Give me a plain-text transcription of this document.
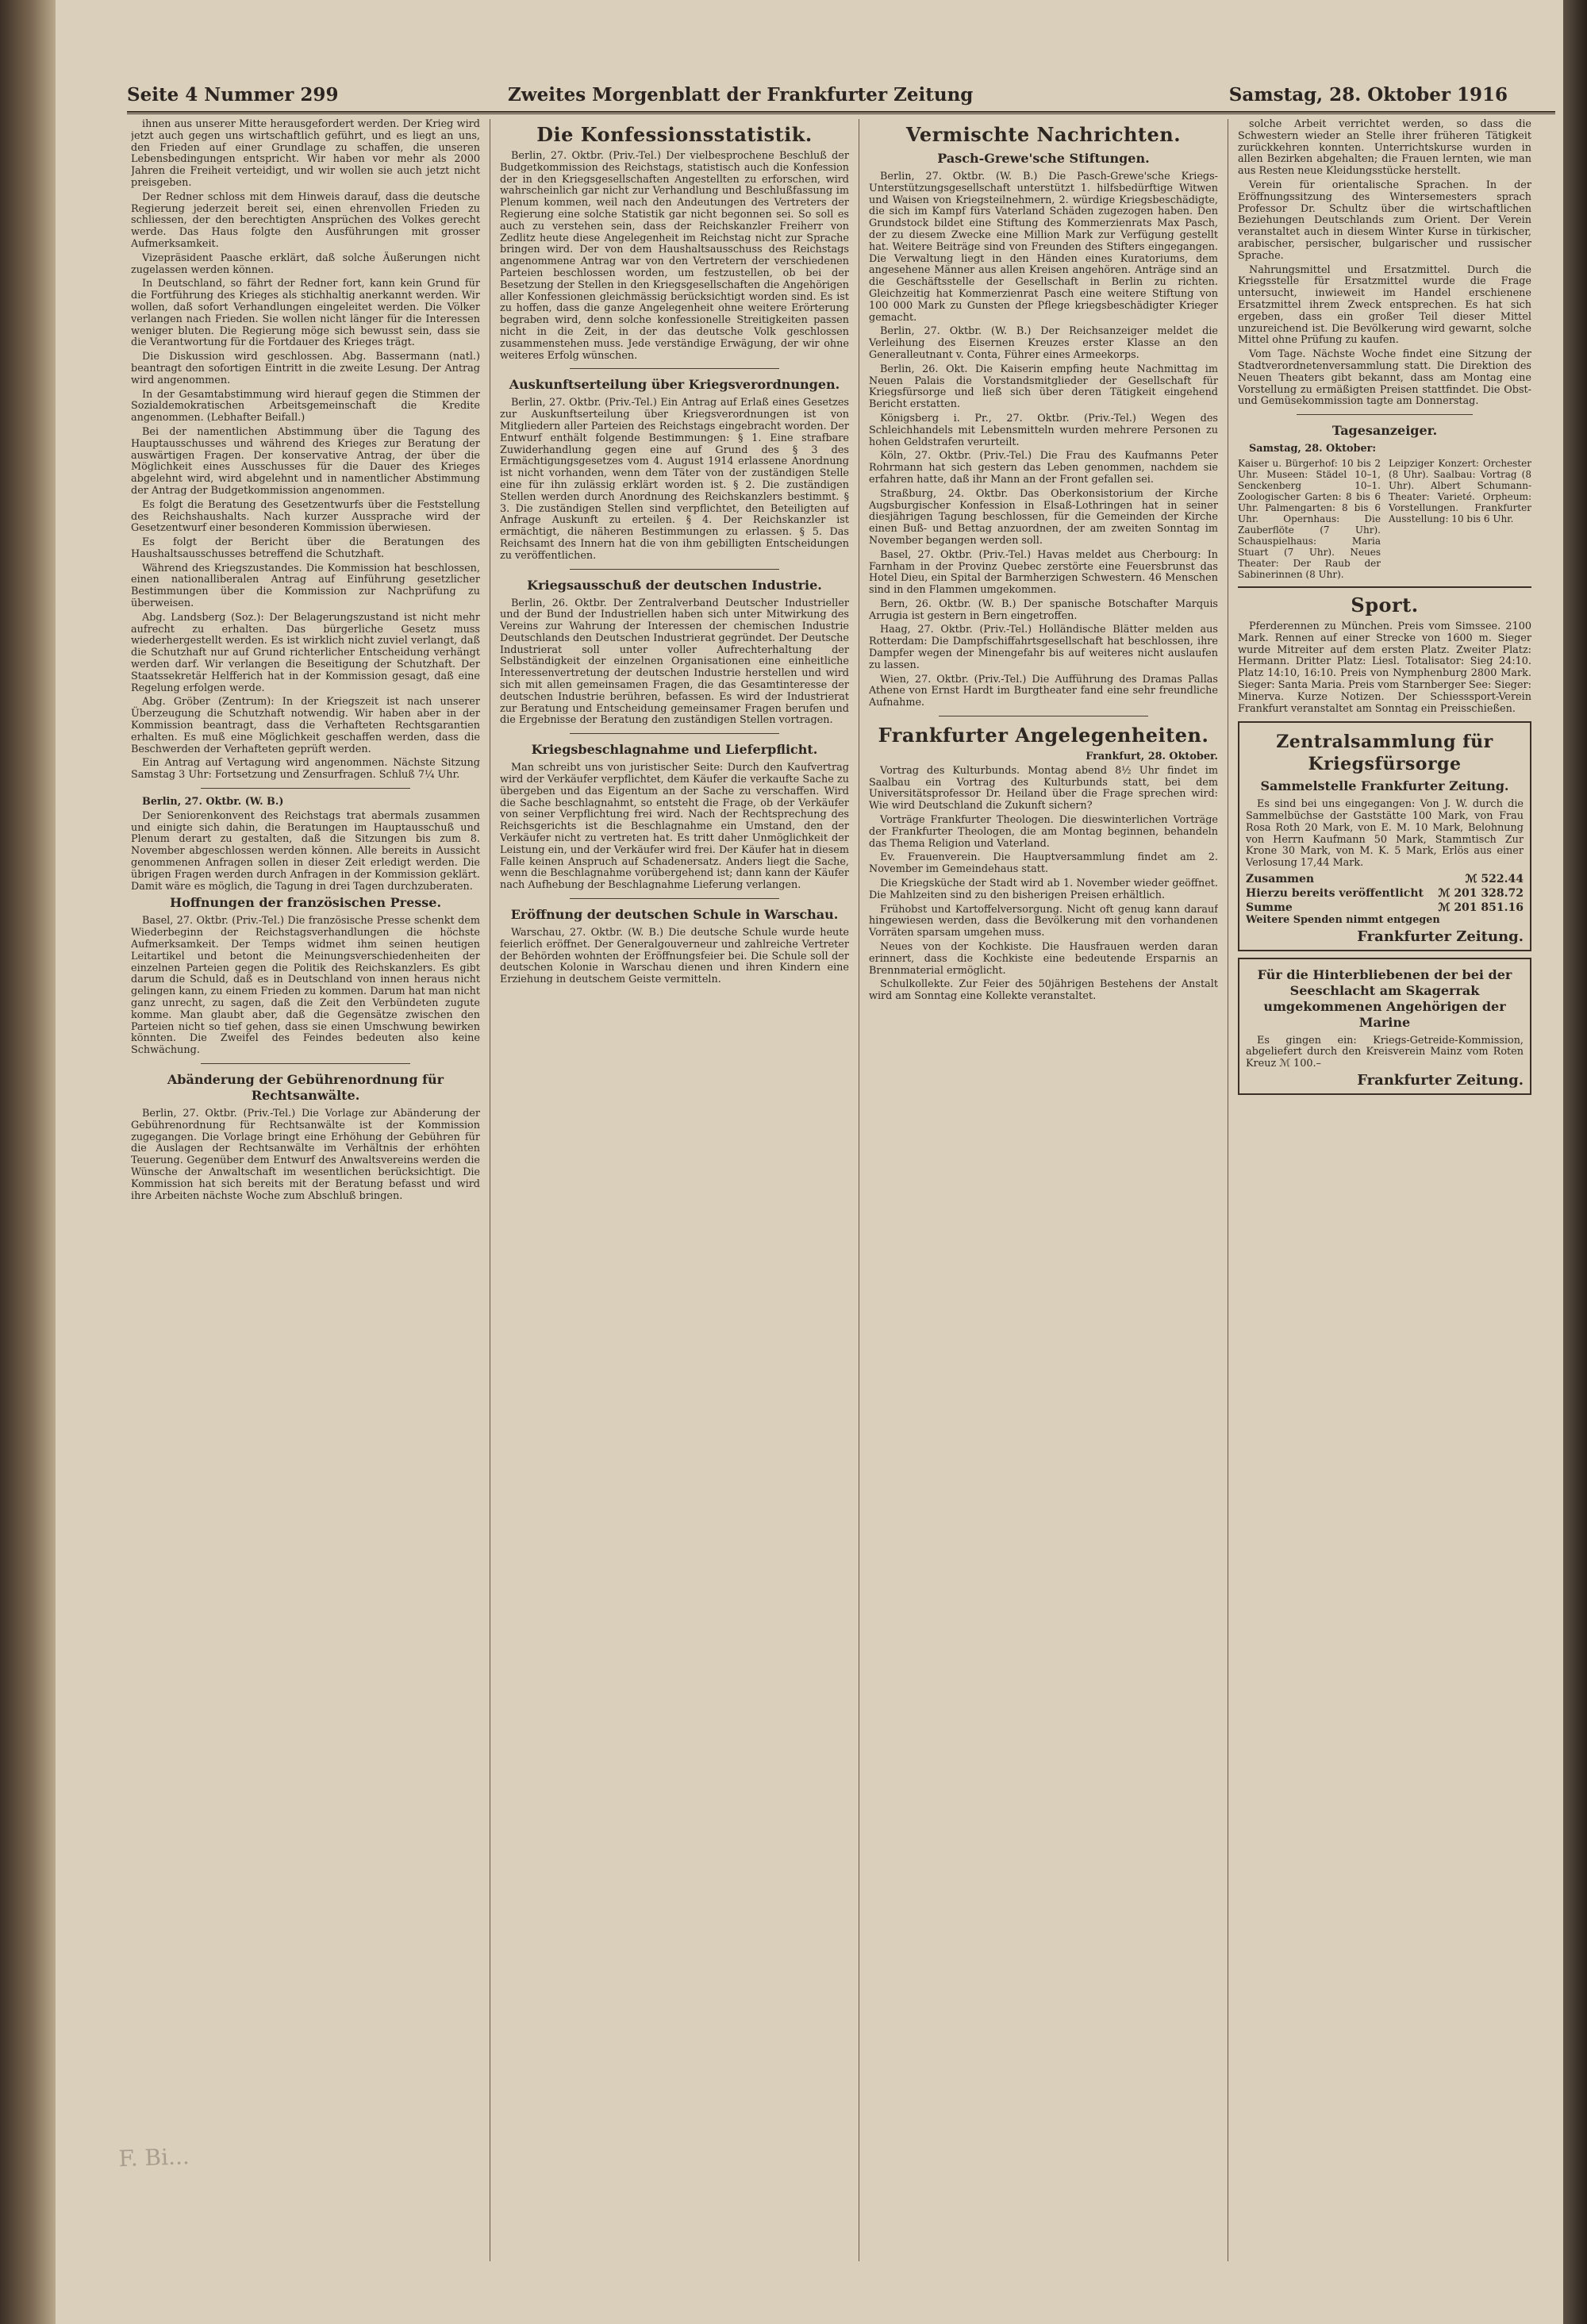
Seite 4 Nummer 299	Zweites Morgenblatt der Frankfurter Zeitung	Samstag, 28. Oktober 1916

ihnen aus unserer Mitte herausgefordert werden. Der Krieg wird jetzt auch gegen uns wirtschaftlich geführt, und es liegt an uns, den Frieden auf einer Grundlage zu schaffen, die unseren Lebensbedingungen entspricht. Wir haben vor mehr als 2000 Jahren die Freiheit verteidigt, und wir wollen sie auch jetzt nicht preisgeben.

Der Redner schloss mit dem Hinweis darauf, dass die deutsche Regierung jederzeit bereit sei, einen ehrenvollen Frieden zu schliessen, der den berechtigten Ansprüchen des Volkes gerecht werde. Das Haus folgte den Ausführungen mit grosser Aufmerksamkeit.

Vizepräsident Paasche erklärt, daß solche Äußerungen nicht zugelassen werden können.

In Deutschland, so fährt der Redner fort, kann kein Grund für die Fortführung des Krieges als stichhaltig anerkannt werden. Wir wollen, daß sofort Verhandlungen eingeleitet werden. Die Völker verlangen nach Frieden. Sie wollen nicht länger für die Interessen weniger bluten. Die Regierung möge sich bewusst sein, dass sie die Verantwortung für die Fortdauer des Krieges trägt.

Die Diskussion wird geschlossen. Abg. Bassermann (natl.) beantragt den sofortigen Eintritt in die zweite Lesung. Der Antrag wird angenommen.

In der Gesamtabstimmung wird hierauf gegen die Stimmen der Sozialdemokratischen Arbeitsgemeinschaft die Kredite angenommen. (Lebhafter Beifall.)

Bei der namentlichen Abstimmung über die Tagung des Hauptausschusses und während des Krieges zur Beratung der auswärtigen Fragen. Der konservative Antrag, der über die Möglichkeit eines Ausschusses für die Dauer des Krieges abgelehnt wird, wird abgelehnt und in namentlicher Abstimmung der Antrag der Budgetkommission angenommen.

Es folgt die Beratung des Gesetzentwurfs über die Feststellung des Reichshaushalts. Nach kurzer Aussprache wird der Gesetzentwurf einer besonderen Kommission überwiesen.

Es folgt der Bericht über die Beratungen des Haushaltsausschusses betreffend die Schutzhaft.

Während des Kriegszustandes. Die Kommission hat beschlossen, einen nationalliberalen Antrag auf Einführung gesetzlicher Bestimmungen über die Kommission zur Nachprüfung zu überweisen.

Abg. Landsberg (Soz.): Der Belagerungszustand ist nicht mehr aufrecht zu erhalten. Das bürgerliche Gesetz muss wiederhergestellt werden. Es ist wirklich nicht zuviel verlangt, daß die Schutzhaft nur auf Grund richterlicher Entscheidung verhängt werden darf. Wir verlangen die Beseitigung der Schutzhaft. Der Staatssekretär Helfferich hat in der Kommission gesagt, daß eine Regelung erfolgen werde.

Abg. Gröber (Zentrum): In der Kriegszeit ist nach unserer Überzeugung die Schutzhaft notwendig. Wir haben aber in der Kommission beantragt, dass die Verhafteten Rechtsgarantien erhalten. Es muß eine Möglichkeit geschaffen werden, dass die Beschwerden der Verhafteten geprüft werden.

Ein Antrag auf Vertagung wird angenommen. Nächste Sitzung Samstag 3 Uhr: Fortsetzung und Zensurfragen. Schluß 7¼ Uhr.

Berlin, 27. Oktbr. (W. B.)

Der Seniorenkonvent des Reichstags trat abermals zusammen und einigte sich dahin, die Beratungen im Hauptausschuß und Plenum derart zu gestalten, daß die Sitzungen bis zum 8. November abgeschlossen werden können. Alle bereits in Aussicht genommenen Anfragen sollen in dieser Zeit erledigt werden. Die übrigen Fragen werden durch Anfragen in der Kommission geklärt. Damit wäre es möglich, die Tagung in drei Tagen durchzuberaten.

Hoffnungen der französischen Presse.

Basel, 27. Oktbr. (Priv.-Tel.) Die französische Presse schenkt dem Wiederbeginn der Reichstagsverhandlungen die höchste Aufmerksamkeit. Der Temps widmet ihm seinen heutigen Leitartikel und betont die Meinungsverschiedenheiten der einzelnen Parteien gegen die Politik des Reichskanzlers. Es gibt darum die Schuld, daß es in Deutschland von innen heraus nicht gelingen kann, zu einem Frieden zu kommen. Darum hat man nicht ganz unrecht, zu sagen, daß die Zeit den Verbündeten zugute komme. Man glaubt aber, daß die Gegensätze zwischen den Parteien nicht so tief gehen, dass sie einen Umschwung bewirken könnten. Die Zweifel des Feindes bedeuten also keine Schwächung.

Abänderung der Gebührenordnung für Rechtsanwälte.

Berlin, 27. Oktbr. (Priv.-Tel.) Die Vorlage zur Abänderung der Gebührenordnung für Rechtsanwälte ist der Kommission zugegangen. Die Vorlage bringt eine Erhöhung der Gebühren für die Auslagen der Rechtsanwälte im Verhältnis der erhöhten Teuerung. Gegenüber dem Entwurf des Anwaltsvereins werden die Wünsche der Anwaltschaft im wesentlichen berücksichtigt. Die Kommission hat sich bereits mit der Beratung befasst und wird ihre Arbeiten nächste Woche zum Abschluß bringen.

Die Konfessionsstatistik.

Berlin, 27. Oktbr. (Priv.-Tel.) Der vielbesprochene Beschluß der Budgetkommission des Reichstags, statistisch auch die Konfession der in den Kriegsgesellschaften Angestellten zu erforschen, wird wahrscheinlich gar nicht zur Verhandlung und Beschlußfassung im Plenum kommen, weil nach den Andeutungen des Vertreters der Regierung eine solche Statistik gar nicht begonnen sei. So soll es auch zu verstehen sein, dass der Reichskanzler Freiherr von Zedlitz heute diese Angelegenheit im Reichstag nicht zur Sprache bringen wird. Der von dem Haushaltsausschuss des Reichstags angenommene Antrag war von den Vertretern der verschiedenen Parteien beschlossen worden, um festzustellen, ob bei der Besetzung der Stellen in den Kriegsgesellschaften die Angehörigen aller Konfessionen gleichmässig berücksichtigt worden sind. Es ist zu hoffen, dass die ganze Angelegenheit ohne weitere Erörterung begraben wird, denn solche konfessionelle Streitigkeiten passen nicht in die Zeit, in der das deutsche Volk geschlossen zusammenstehen muss. Jede verständige Erwägung, der wir ohne weiteres Erfolg wünschen.

Auskunftserteilung über Kriegsverordnungen.

Berlin, 27. Oktbr. (Priv.-Tel.) Ein Antrag auf Erlaß eines Gesetzes zur Auskunftserteilung über Kriegsverordnungen ist von Mitgliedern aller Parteien des Reichstags eingebracht worden. Der Entwurf enthält folgende Bestimmungen: § 1. Eine strafbare Zuwiderhandlung gegen eine auf Grund des § 3 des Ermächtigungsgesetzes vom 4. August 1914 erlassene Anordnung ist nicht vorhanden, wenn dem Täter von der zuständigen Stelle eine für ihn zulässig erklärt worden ist. § 2. Die zuständigen Stellen werden durch Anordnung des Reichskanzlers bestimmt. § 3. Die zuständigen Stellen sind verpflichtet, den Beteiligten auf Anfrage Auskunft zu erteilen. § 4. Der Reichskanzler ist ermächtigt, die näheren Bestimmungen zu erlassen. § 5. Das Reichsamt des Innern hat die von ihm gebilligten Entscheidungen zu veröffentlichen.

Kriegsausschuß der deutschen Industrie.

Berlin, 26. Oktbr. Der Zentralverband Deutscher Industrieller und der Bund der Industriellen haben sich unter Mitwirkung des Vereins zur Wahrung der Interessen der chemischen Industrie Deutschlands den Deutschen Industrierat gegründet. Der Deutsche Industrierat soll unter voller Aufrechterhaltung der Selbständigkeit der einzelnen Organisationen eine einheitliche Interessenvertretung der deutschen Industrie herstellen und wird sich mit allen gemeinsamen Fragen, die das Gesamtinteresse der deutschen Industrie berühren, befassen. Es wird der Industrierat zur Beratung und Entscheidung gemeinsamer Fragen berufen und die Ergebnisse der Beratung den zuständigen Stellen vortragen.

Kriegsbeschlagnahme und Lieferpflicht.

Man schreibt uns von juristischer Seite: Durch den Kaufvertrag wird der Verkäufer verpflichtet, dem Käufer die verkaufte Sache zu übergeben und das Eigentum an der Sache zu verschaffen. Wird die Sache beschlagnahmt, so entsteht die Frage, ob der Verkäufer von seiner Verpflichtung frei wird. Nach der Rechtsprechung des Reichsgerichts ist die Beschlagnahme ein Umstand, den der Verkäufer nicht zu vertreten hat. Es tritt daher Unmöglichkeit der Leistung ein, und der Verkäufer wird frei. Der Käufer hat in diesem Falle keinen Anspruch auf Schadenersatz. Anders liegt die Sache, wenn die Beschlagnahme vorübergehend ist; dann kann der Käufer nach Aufhebung der Beschlagnahme Lieferung verlangen.

Eröffnung der deutschen Schule in Warschau.

Warschau, 27. Oktbr. (W. B.) Die deutsche Schule wurde heute feierlich eröffnet. Der Generalgouverneur und zahlreiche Vertreter der Behörden wohnten der Eröffnungsfeier bei. Die Schule soll der deutschen Kolonie in Warschau dienen und ihren Kindern eine Erziehung in deutschem Geiste vermitteln.

Vermischte Nachrichten.
Pasch-Grewe'sche Stiftungen.

Berlin, 27. Oktbr. (W. B.) Die Pasch-Grewe'sche Kriegs-Unterstützungsgesellschaft unterstützt 1. hilfsbedürftige Witwen und Waisen von Kriegsteilnehmern, 2. würdige Kriegsbeschädigte, die sich im Kampf fürs Vaterland Schäden zugezogen haben. Den Grundstock bildet eine Stiftung des Kommerzienrats Max Pasch, der zu diesem Zwecke eine Million Mark zur Verfügung gestellt hat. Weitere Beiträge sind von Freunden des Stifters eingegangen. Die Verwaltung liegt in den Händen eines Kuratoriums, dem angesehene Männer aus allen Kreisen angehören. Anträge sind an die Geschäftsstelle der Gesellschaft in Berlin zu richten. Gleichzeitig hat Kommerzienrat Pasch eine weitere Stiftung von 100 000 Mark zu Gunsten der Pflege kriegsbeschädigter Krieger gemacht.

Berlin, 27. Oktbr. (W. B.) Der Reichsanzeiger meldet die Verleihung des Eisernen Kreuzes erster Klasse an den Generalleutnant v. Conta, Führer eines Armeekorps.

Berlin, 26. Okt. Die Kaiserin empfing heute Nachmittag im Neuen Palais die Vorstandsmitglieder der Gesellschaft für Kriegsfürsorge und ließ sich über deren Tätigkeit eingehend Bericht erstatten.

Königsberg i. Pr., 27. Oktbr. (Priv.-Tel.) Wegen des Schleichhandels mit Lebensmitteln wurden mehrere Personen zu hohen Geldstrafen verurteilt.

Köln, 27. Oktbr. (Priv.-Tel.) Die Frau des Kaufmanns Peter Rohrmann hat sich gestern das Leben genommen, nachdem sie erfahren hatte, daß ihr Mann an der Front gefallen sei.

Straßburg, 24. Oktbr. Das Oberkonsistorium der Kirche Augsburgischer Konfession in Elsaß-Lothringen hat in seiner diesjährigen Tagung beschlossen, für die Gemeinden der Kirche einen Buß- und Bettag anzuordnen, der am zweiten Sonntag im November begangen werden soll.

Basel, 27. Oktbr. (Priv.-Tel.) Havas meldet aus Cherbourg: In Farnham in der Provinz Quebec zerstörte eine Feuersbrunst das Hotel Dieu, ein Spital der Barmherzigen Schwestern. 46 Menschen sind in den Flammen umgekommen.

Bern, 26. Oktbr. (W. B.) Der spanische Botschafter Marquis Arrugia ist gestern in Bern eingetroffen.

Haag, 27. Oktbr. (Priv.-Tel.) Holländische Blätter melden aus Rotterdam: Die Dampfschiffahrtsgesellschaft hat beschlossen, ihre Dampfer wegen der Minengefahr bis auf weiteres nicht auslaufen zu lassen.

Wien, 27. Oktbr. (Priv.-Tel.) Die Aufführung des Dramas Pallas Athene von Ernst Hardt im Burgtheater fand eine sehr freundliche Aufnahme.

Frankfurter Angelegenheiten.

Frankfurt, 28. Oktober.

Vortrag des Kulturbunds. Montag abend 8½ Uhr findet im Saalbau ein Vortrag des Kulturbunds statt, bei dem Universitätsprofessor Dr. Heiland über die Frage sprechen wird: Wie wird Deutschland die Zukunft sichern?

Vorträge Frankfurter Theologen. Die dieswinterlichen Vorträge der Frankfurter Theologen, die am Montag beginnen, behandeln das Thema Religion und Vaterland.

Ev. Frauenverein. Die Hauptversammlung findet am 2. November im Gemeindehaus statt.

Die Kriegsküche der Stadt wird ab 1. November wieder geöffnet. Die Mahlzeiten sind zu den bisherigen Preisen erhältlich.

Frühobst und Kartoffelversorgung. Nicht oft genug kann darauf hingewiesen werden, dass die Bevölkerung mit den vorhandenen Vorräten sparsam umgehen muss.

Neues von der Kochkiste. Die Hausfrauen werden daran erinnert, dass die Kochkiste eine bedeutende Ersparnis an Brennmaterial ermöglicht.

Schulkollekte. Zur Feier des 50jährigen Bestehens der Anstalt wird am Sonntag eine Kollekte veranstaltet.

solche Arbeit verrichtet werden, so dass die Schwestern wieder an Stelle ihrer früheren Tätigkeit zurückkehren konnten. Unterrichtskurse wurden in allen Bezirken abgehalten; die Frauen lernten, wie man aus Resten neue Kleidungsstücke herstellt.

Verein für orientalische Sprachen. In der Eröffnungssitzung des Wintersemesters sprach Professor Dr. Schultz über die wirtschaftlichen Beziehungen Deutschlands zum Orient. Der Verein veranstaltet auch in diesem Winter Kurse in türkischer, arabischer, persischer, bulgarischer und russischer Sprache.

Nahrungsmittel und Ersatzmittel. Durch die Kriegsstelle für Ersatzmittel wurde die Frage untersucht, inwieweit im Handel erschienene Ersatzmittel ihrem Zweck entsprechen. Es hat sich ergeben, dass ein großer Teil dieser Mittel unzureichend ist. Die Bevölkerung wird gewarnt, solche Mittel ohne Prüfung zu kaufen.

Vom Tage. Nächste Woche findet eine Sitzung der Stadtverordnetenversammlung statt. Die Direktion des Neuen Theaters gibt bekannt, dass am Montag eine Vorstellung zu ermäßigten Preisen stattfindet. Die Obst- und Gemüsekommission tagte am Donnerstag.

Tagesanzeiger.

Samstag, 28. Oktober:

Kaiser u. Bürgerhof: 10 bis 2 Uhr. Museen: Städel 10–1, Senckenberg 10–1. Zoologischer Garten: 8 bis 6 Uhr. Palmengarten: 8 bis 6 Uhr. Opernhaus: Die Zauberflöte (7 Uhr). Schauspielhaus: Maria Stuart (7 Uhr). Neues Theater: Der Raub der Sabinerinnen (8 Uhr).
Leipziger Konzert: Orchester (8 Uhr). Saalbau: Vortrag (8 Uhr). Albert Schumann-Theater: Varieté. Orpheum: Vorstellungen. Frankfurter Ausstellung: 10 bis 6 Uhr.
Sport.

Pferderennen zu München. Preis vom Simssee. 2100 Mark. Rennen auf einer Strecke von 1600 m. Sieger wurde Mitreiter auf dem ersten Platz. Zweiter Platz: Hermann. Dritter Platz: Liesl. Totalisator: Sieg 24:10. Platz 14:10, 16:10. Preis von Nymphenburg 2800 Mark. Sieger: Santa Maria. Preis vom Starnberger See: Sieger: Minerva. Kurze Notizen. Der Schiesssport-Verein Frankfurt veranstaltet am Sonntag ein Preisschießen.

Zentralsammlung für Kriegsfürsorge
Sammelstelle Frankfurter Zeitung.

Es sind bei uns eingegangen: Von J. W. durch die Sammelbüchse der Gaststätte 100 Mark, von Frau Rosa Roth 20 Mark, von E. M. 10 Mark, Belohnung von Herrn Kaufmann 50 Mark, Stammtisch Zur Krone 30 Mark, von M. K. 5 Mark, Erlös aus einer Verlosung 17,44 Mark.

Zusammen	ℳ 522.44
Hierzu bereits veröffentlicht ℳ 201 328.72
Summe	ℳ 201 851.16

Weitere Spenden nimmt entgegen

Frankfurter Zeitung.
Für die Hinterbliebenen der bei der Seeschlacht am Skagerrak umgekommenen Angehörigen der Marine

Es gingen ein: Kriegs-Getreide-Kommission, abgeliefert durch den Kreisverein Mainz vom Roten Kreuz ℳ 100.–

Frankfurter Zeitung.
F. Bi...
